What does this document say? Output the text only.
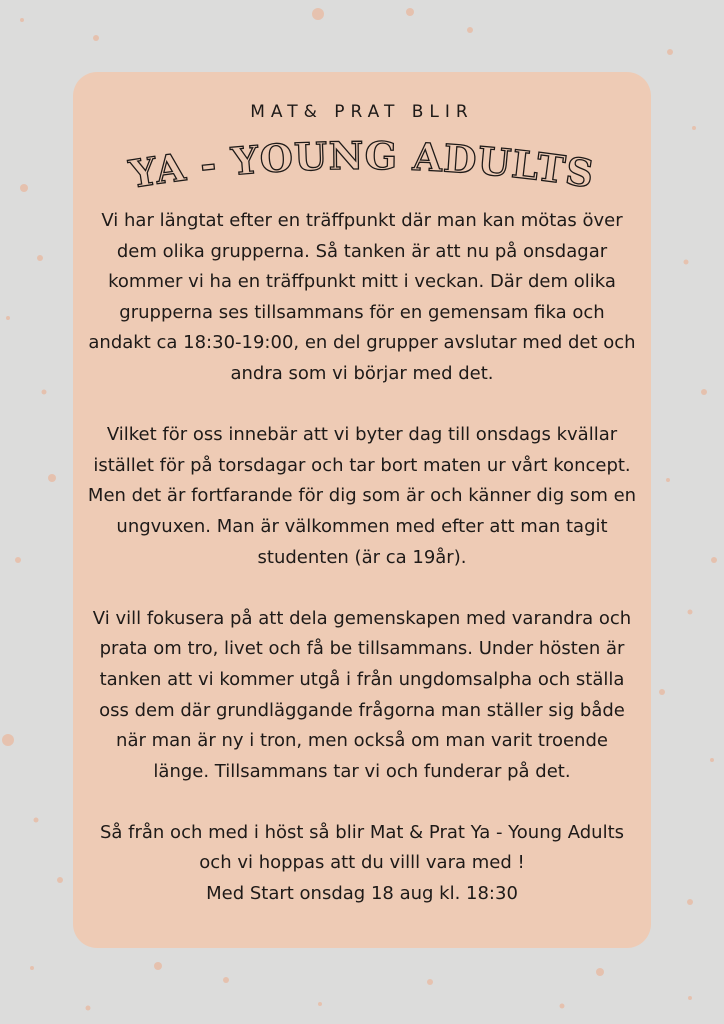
MAT& PRAT BLIR
YA - YOUNG ADULTS

Vi har längtat efter en träffpunkt där man kan mötas över dem olika grupperna. Så tanken är att nu på onsdagar kommer vi ha en träffpunkt mitt i veckan. Där dem olika grupperna ses tillsammans för en gemensam fika och andakt ca 18:30-19:00, en del grupper avslutar med det och andra som vi börjar med det.

Vilket för oss innebär att vi byter dag till onsdags kvällar istället för på torsdagar och tar bort maten ur vårt koncept. Men det är fortfarande för dig som är och känner dig som en ungvuxen. Man är välkommen med efter att man tagit studenten (är ca 19år).

Vi vill fokusera på att dela gemenskapen med varandra och prata om tro, livet och få be tillsammans. Under hösten är tanken att vi kommer utgå i från ungdomsalpha och ställa oss dem där grundläggande frågorna man ställer sig både när man är ny i tron, men också om man varit troende länge. Tillsammans tar vi och funderar på det.

Så från och med i höst så blir Mat & Prat Ya - Young Adults och vi hoppas att du villl vara med !
Med Start onsdag 18 aug kl. 18:30
